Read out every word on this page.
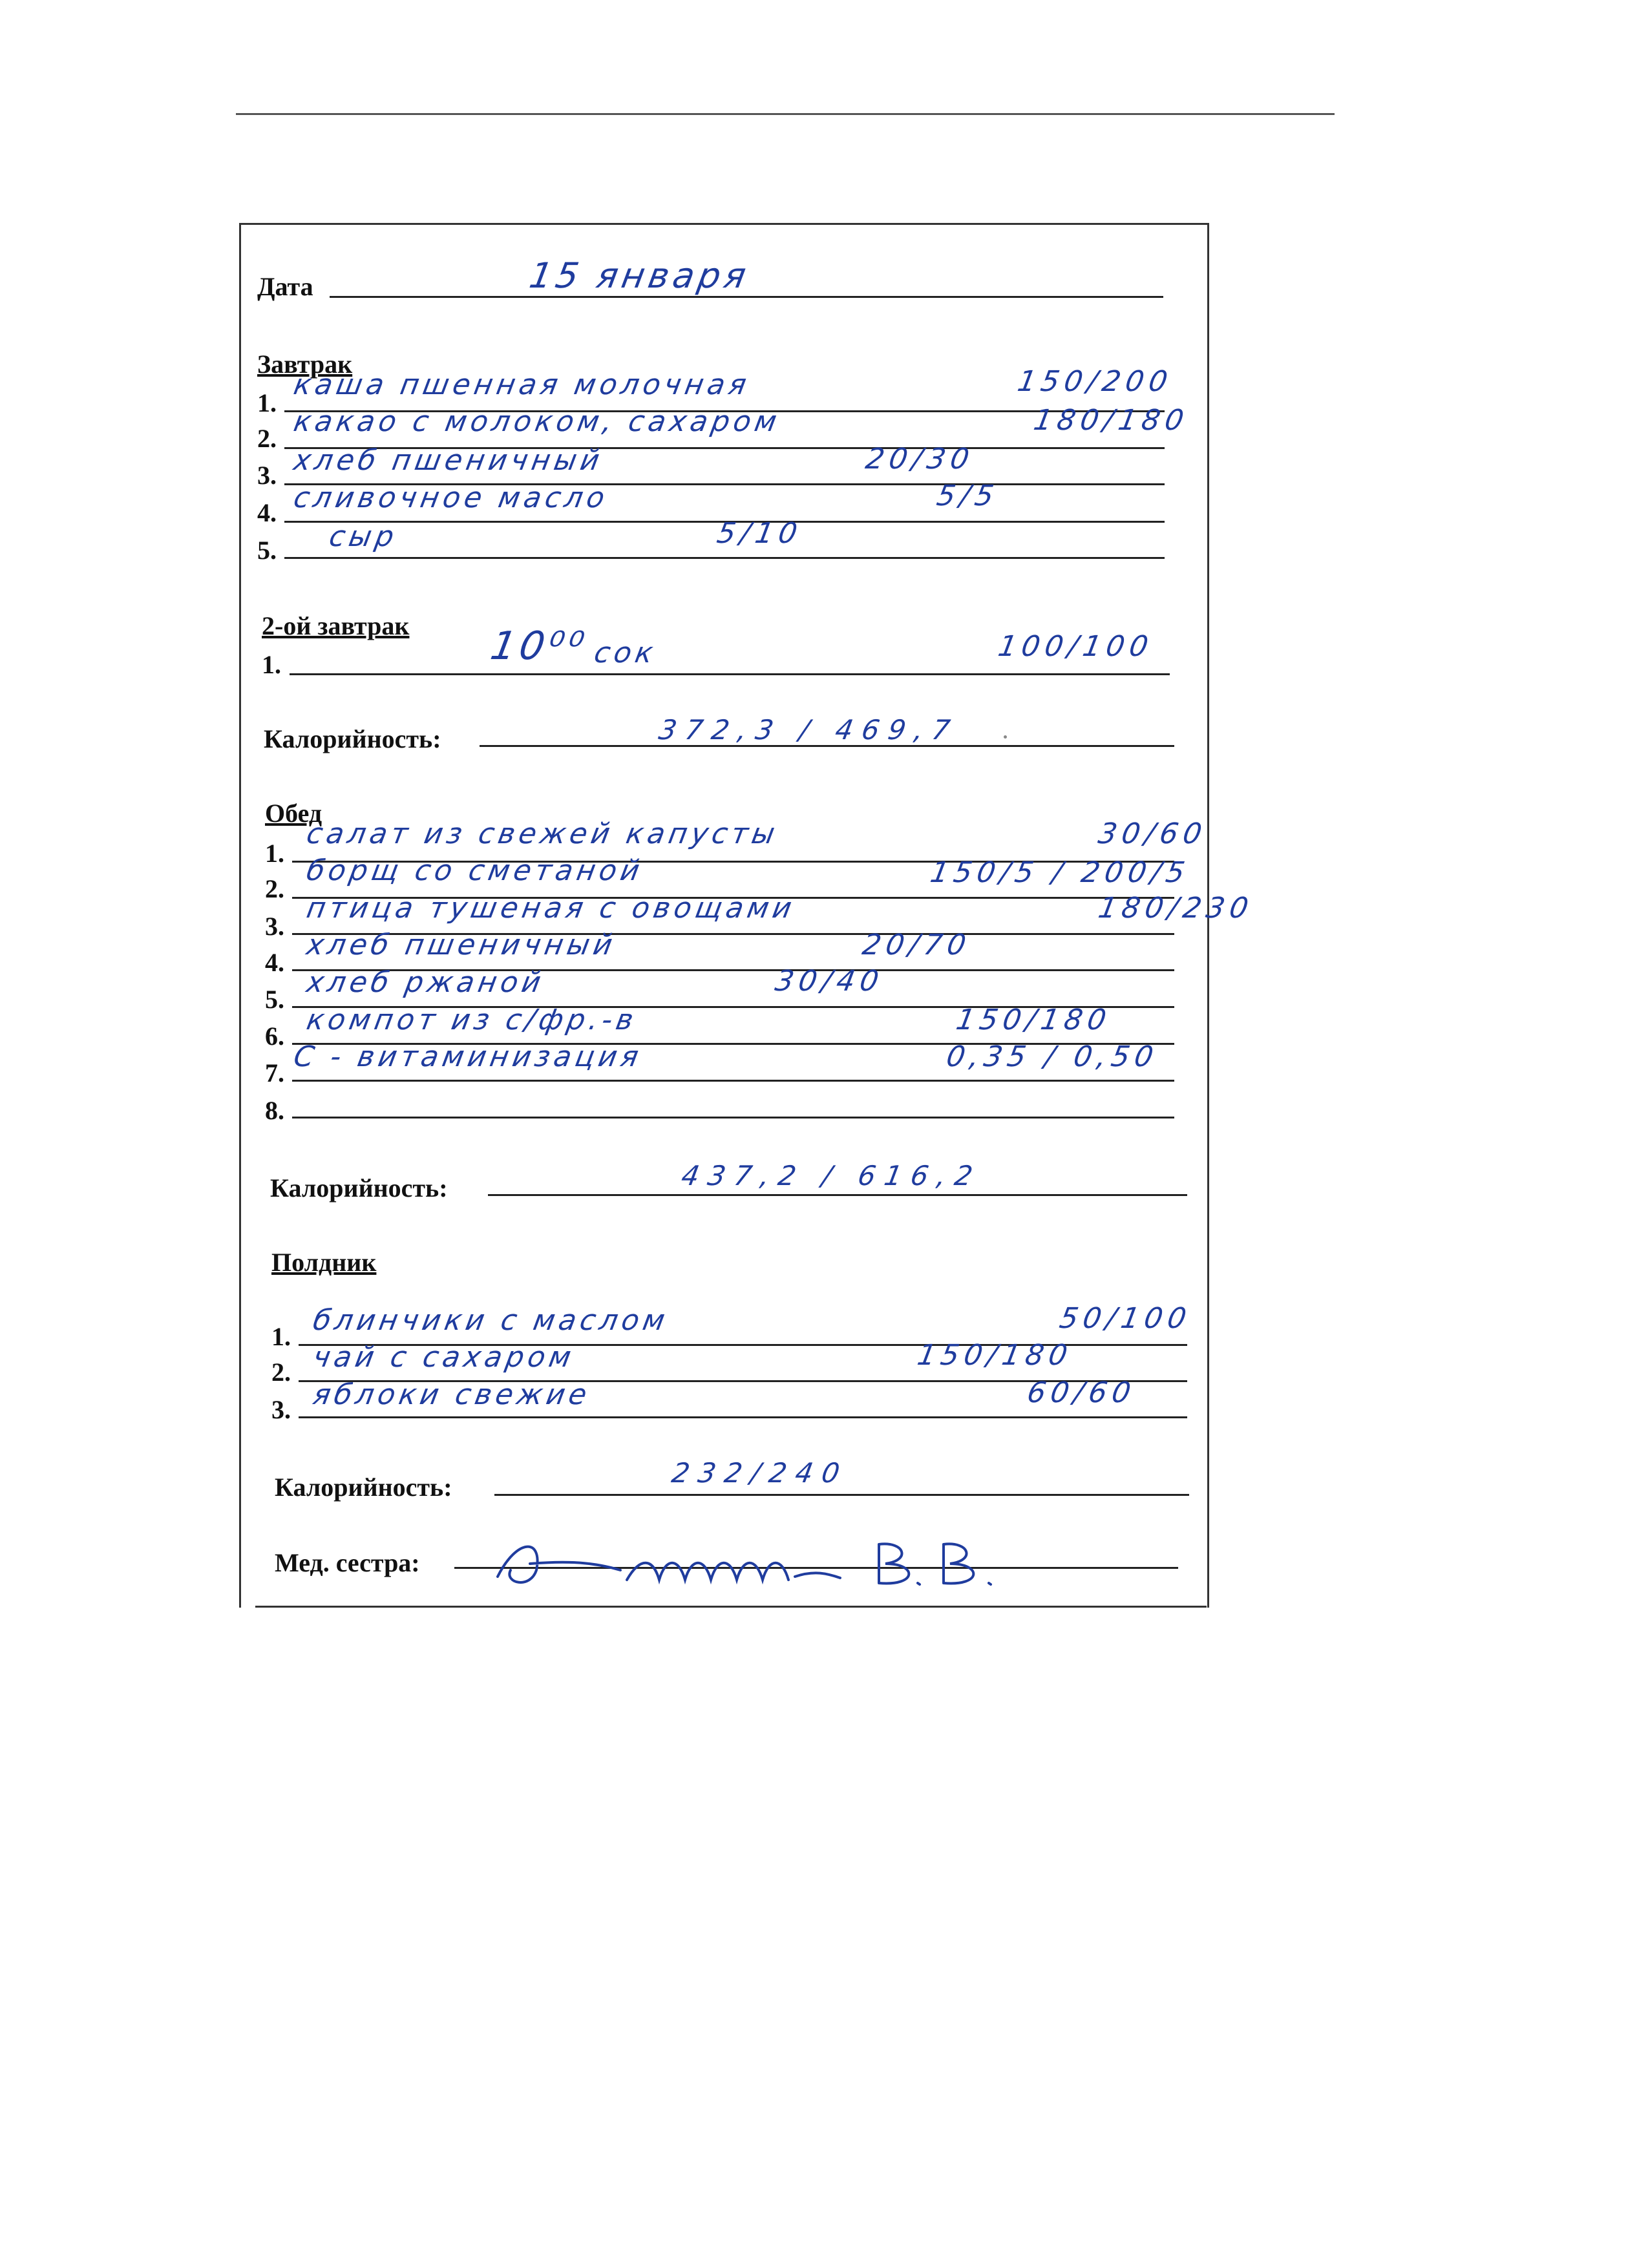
Дата	15 января
Завтрак
1.
каша пшенная молочная	150/200
2.
какао с молоком, сахаром	180/180
3. хлеб пшеничный	20/30
4. сливочное масло	5/5
5. сыр	5/10
2-ой завтрак
1.	10⁰⁰ сок	100/100
Калорийность:	372,3 / 469,7
Обед
1.
салат из свежей капусты	30/60
2.
борщ со сметаной	150/5 / 200/5
3.
птица тушеная с овощами	180/230
4.
хлеб пшеничный	20/70
5.
хлеб ржаной	30/40
6. компот из с/фр.-в	150/180
7. С - витаминизация	0,35 / 0,50
8.
Калорийность:	437,2 / 616,2
Полдник
1. блинчики с маслом	50/100
2. чай с сахаром	150/180
3. яблоки свежие	60/60
Калорийность:	232/240
Мед. сестра:
